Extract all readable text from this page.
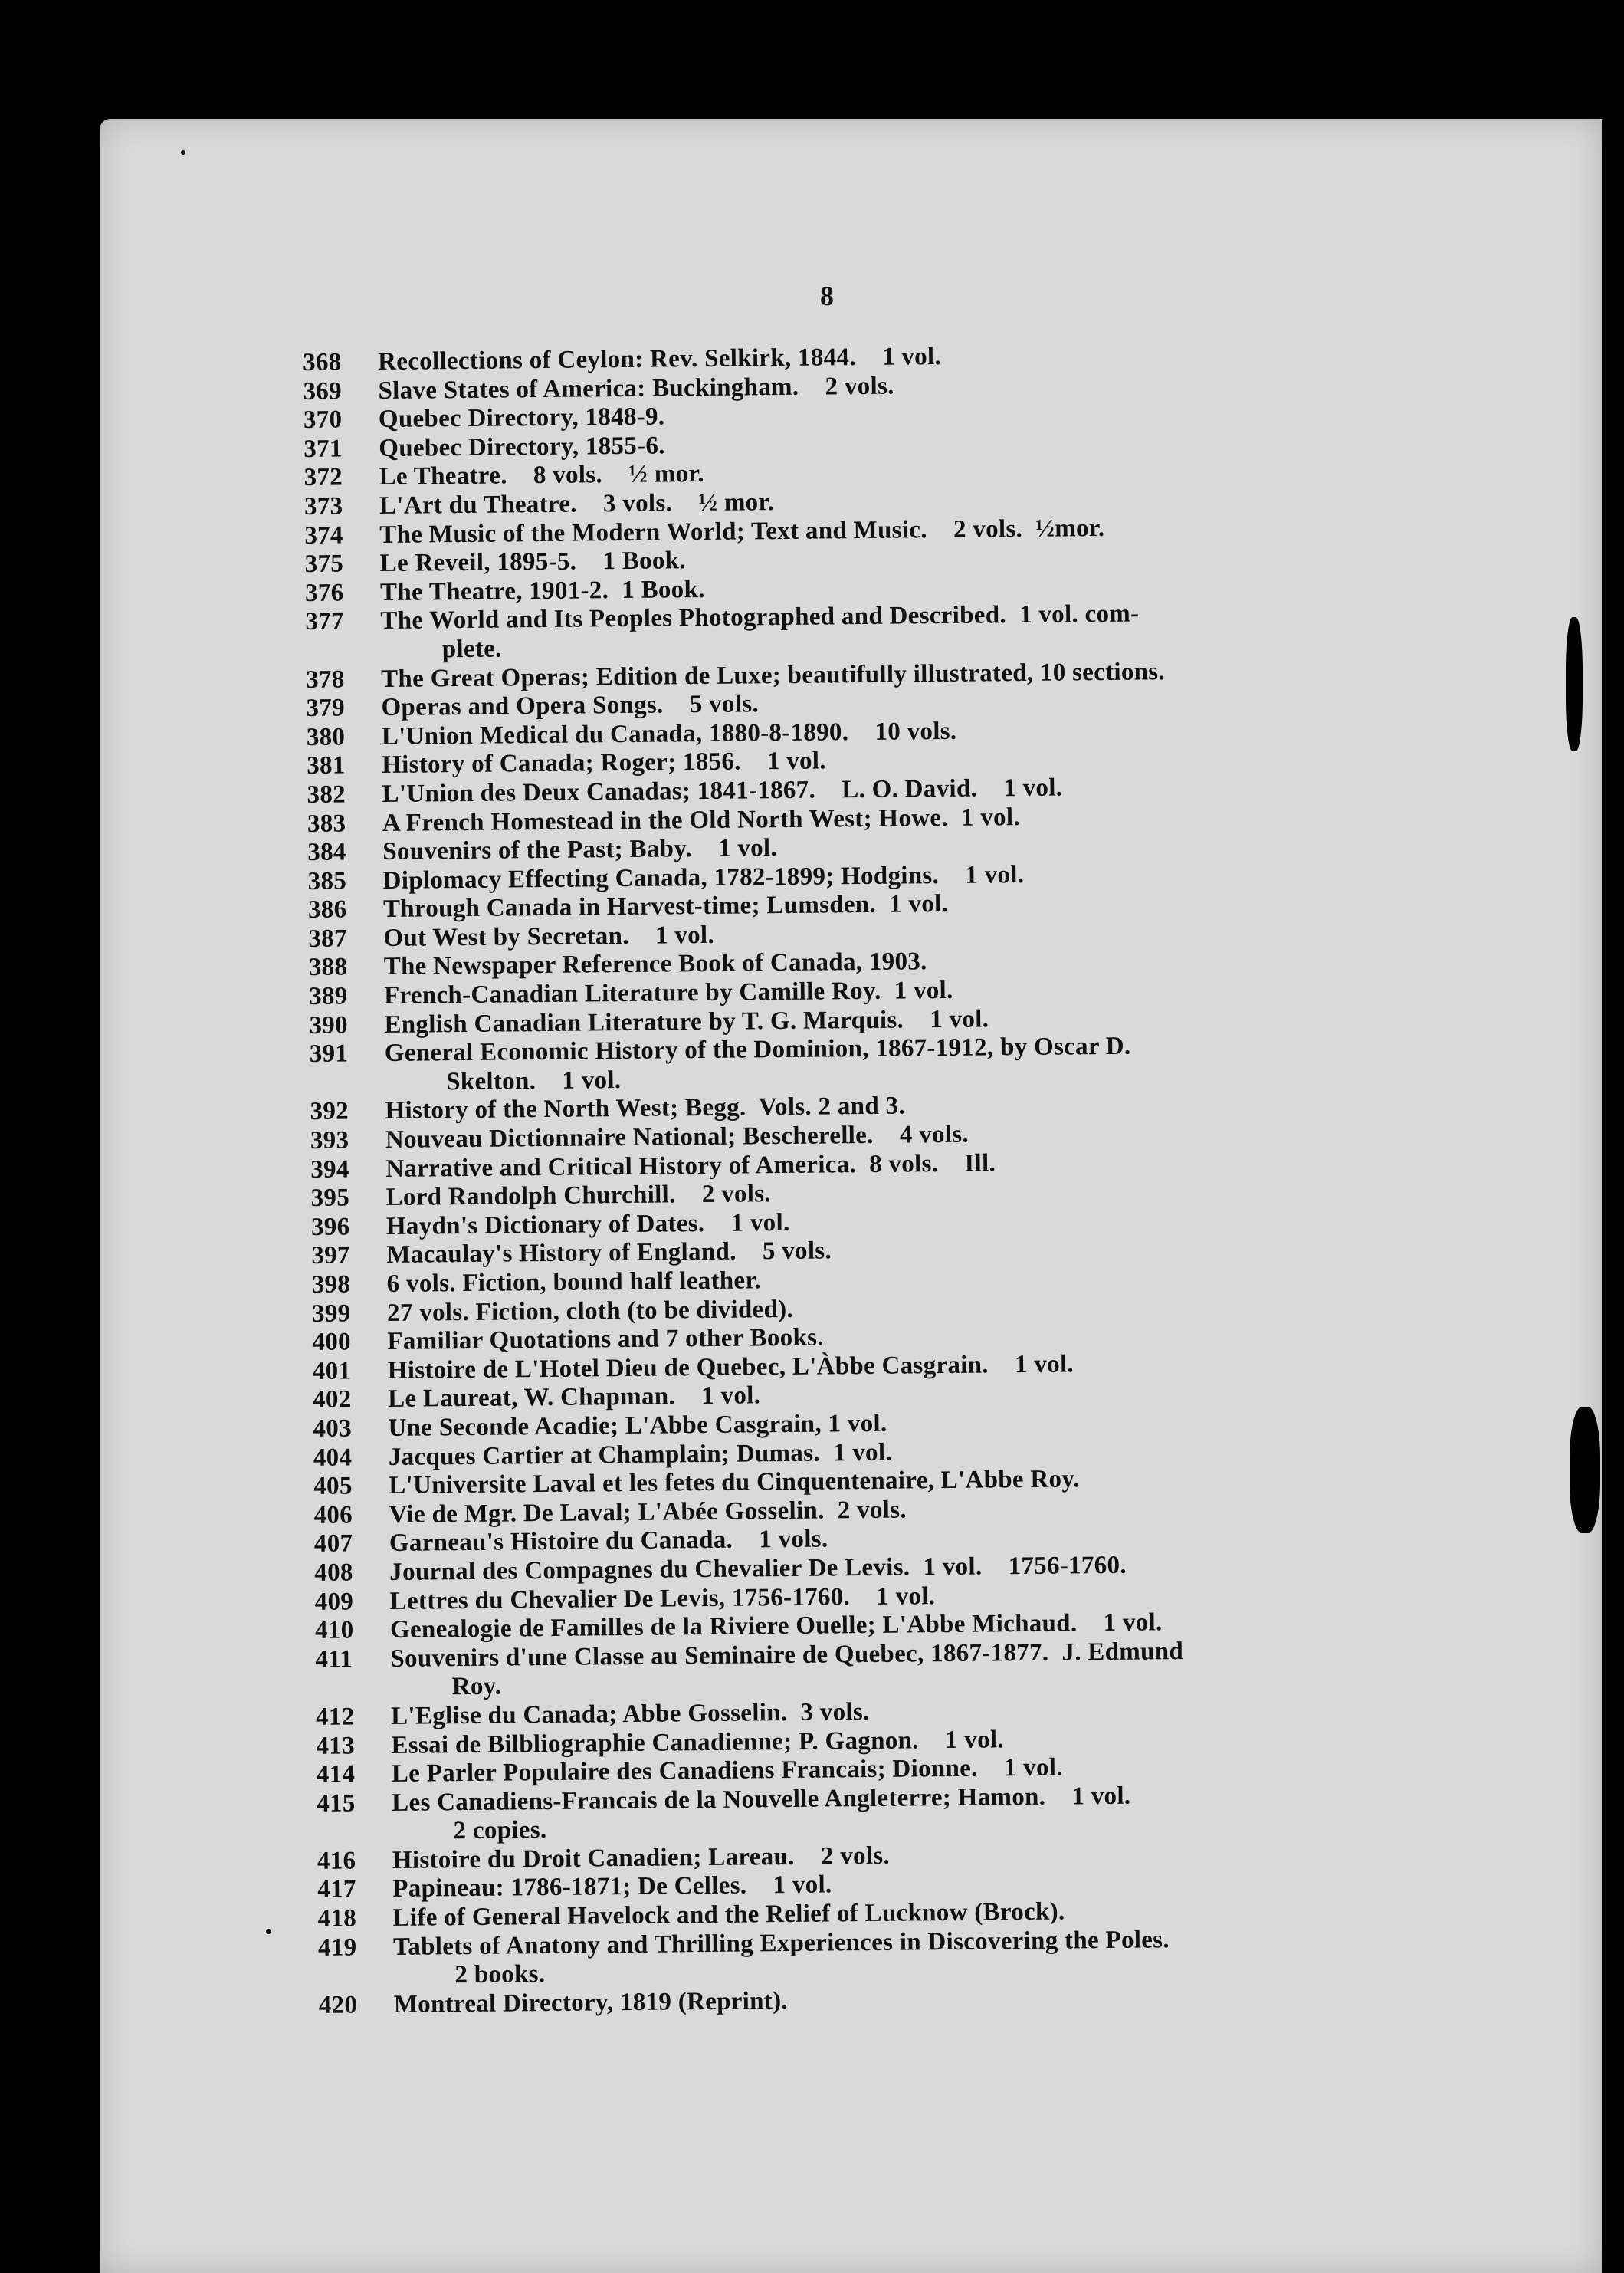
8
368	Recollections of Ceylon: Rev. Selkirk, 1844.    1 vol.
369	Slave States of America: Buckingham.    2 vols.
370	Quebec Directory, 1848-9.
371	Quebec Directory, 1855-6.
372	Le Theatre.    8 vols.    ½ mor.
373	L'Art du Theatre.    3 vols.    ½ mor.
374	The Music of the Modern World; Text and Music.    2 vols.  ½mor.
375	Le Reveil, 1895-5.    1 Book.
376	The Theatre, 1901-2.  1 Book.
377	The World and Its Peoples Photographed and Described.  1 vol. com-
plete.
378	The Great Operas; Edition de Luxe; beautifully illustrated, 10 sections.
379	Operas and Opera Songs.    5 vols.
380	L'Union Medical du Canada, 1880-8-1890.    10 vols.
381	History of Canada; Roger; 1856.    1 vol.
382	L'Union des Deux Canadas; 1841-1867.    L. O. David.    1 vol.
383	A French Homestead in the Old North West; Howe.  1 vol.
384	Souvenirs of the Past; Baby.    1 vol.
385	Diplomacy Effecting Canada, 1782-1899; Hodgins.    1 vol.
386	Through Canada in Harvest-time; Lumsden.  1 vol.
387	Out West by Secretan.    1 vol.
388	The Newspaper Reference Book of Canada, 1903.
389	French-Canadian Literature by Camille Roy.  1 vol.
390	English Canadian Literature by T. G. Marquis.    1 vol.
391	General Economic History of the Dominion, 1867-1912, by Oscar D.
Skelton.    1 vol.
392	History of the North West; Begg.  Vols. 2 and 3.
393	Nouveau Dictionnaire National; Bescherelle.    4 vols.
394	Narrative and Critical History of America.  8 vols.    Ill.
395	Lord Randolph Churchill.    2 vols.
396	Haydn's Dictionary of Dates.    1 vol.
397	Macaulay's History of England.    5 vols.
398	6 vols. Fiction, bound half leather.
399	27 vols. Fiction, cloth (to be divided).
400	Familiar Quotations and 7 other Books.
401	Histoire de L'Hotel Dieu de Quebec, L'Àbbe Casgrain.    1 vol.
402	Le Laureat, W. Chapman.    1 vol.
403	Une Seconde Acadie; L'Abbe Casgrain, 1 vol.
404	Jacques Cartier at Champlain; Dumas.  1 vol.
405	L'Universite Laval et les fetes du Cinquentenaire, L'Abbe Roy.
406	Vie de Mgr. De Laval; L'Abée Gosselin.  2 vols.
407	Garneau's Histoire du Canada.    1 vols.
408	Journal des Compagnes du Chevalier De Levis.  1 vol.    1756-1760.
409	Lettres du Chevalier De Levis, 1756-1760.    1 vol.
410	Genealogie de Familles de la Riviere Ouelle; L'Abbe Michaud.    1 vol.
411	Souvenirs d'une Classe au Seminaire de Quebec, 1867-1877.  J. Edmund
Roy.
412	L'Eglise du Canada; Abbe Gosselin.  3 vols.
413	Essai de Bilbliographie Canadienne; P. Gagnon.    1 vol.
414	Le Parler Populaire des Canadiens Francais; Dionne.    1 vol.
415	Les Canadiens-Francais de la Nouvelle Angleterre; Hamon.    1 vol.
2 copies.
416	Histoire du Droit Canadien; Lareau.    2 vols.
417	Papineau: 1786-1871; De Celles.    1 vol.
418	Life of General Havelock and the Relief of Lucknow (Brock).
419	Tablets of Anatony and Thrilling Experiences in Discovering the Poles.
2 books.
420	Montreal Directory, 1819 (Reprint).
